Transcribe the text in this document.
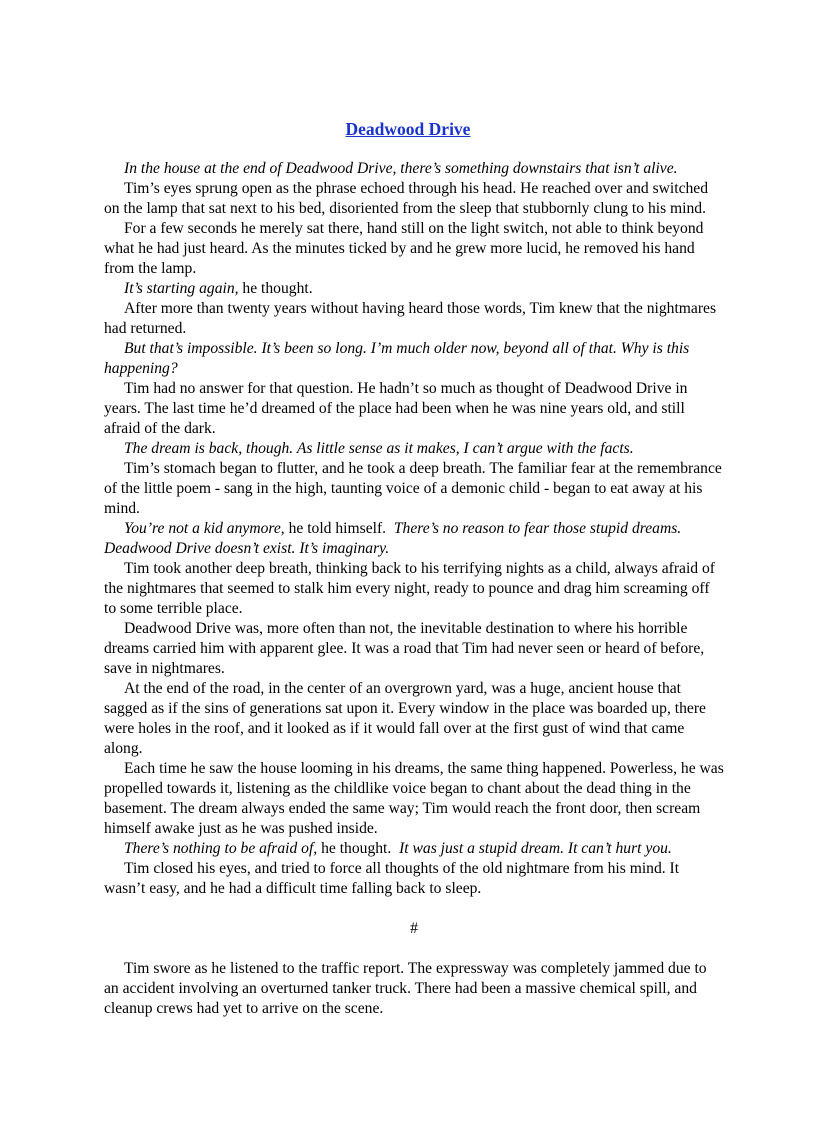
Deadwood Drive

In the house at the end of Deadwood Drive, there’s something downstairs that isn’t alive.

Tim’s eyes sprung open as the phrase echoed through his head. He reached over and switched on the lamp that sat next to his bed, disoriented from the sleep that stubbornly clung to his mind.

For a few seconds he merely sat there, hand still on the light switch, not able to think beyond what he had just heard. As the minutes ticked by and he grew more lucid, he removed his hand from the lamp.

It’s starting again, he thought.

After more than twenty years without having heard those words, Tim knew that the nightmares had returned.

But that’s impossible. It’s been so long. I’m much older now, beyond all of that. Why is this happening?

Tim had no answer for that question. He hadn’t so much as thought of Deadwood Drive in years. The last time he’d dreamed of the place had been when he was nine years old, and still afraid of the dark.

The dream is back, though. As little sense as it makes, I can’t argue with the facts.

Tim’s stomach began to flutter, and he took a deep breath. The familiar fear at the remembrance of the little poem - sang in the high, taunting voice of a demonic child - began to eat away at his mind.

You’re not a kid anymore, he told himself.  There’s no reason to fear those stupid dreams. Deadwood Drive doesn’t exist. It’s imaginary.

Tim took another deep breath, thinking back to his terrifying nights as a child, always afraid of the nightmares that seemed to stalk him every night, ready to pounce and drag him screaming off to some terrible place.

Deadwood Drive was, more often than not, the inevitable destination to where his horrible dreams carried him with apparent glee. It was a road that Tim had never seen or heard of before, save in nightmares.

At the end of the road, in the center of an overgrown yard, was a huge, ancient house that sagged as if the sins of generations sat upon it. Every window in the place was boarded up, there were holes in the roof, and it looked as if it would fall over at the first gust of wind that came along.

Each time he saw the house looming in his dreams, the same thing happened. Powerless, he was propelled towards it, listening as the childlike voice began to chant about the dead thing in the basement. The dream always ended the same way; Tim would reach the front door, then scream himself awake just as he was pushed inside.

There’s nothing to be afraid of, he thought.  It was just a stupid dream. It can’t hurt you.

Tim closed his eyes, and tried to force all thoughts of the old nightmare from his mind. It wasn’t easy, and he had a difficult time falling back to sleep.

#

Tim swore as he listened to the traffic report. The expressway was completely jammed due to an accident involving an overturned tanker truck. There had been a massive chemical spill, and cleanup crews had yet to arrive on the scene.
